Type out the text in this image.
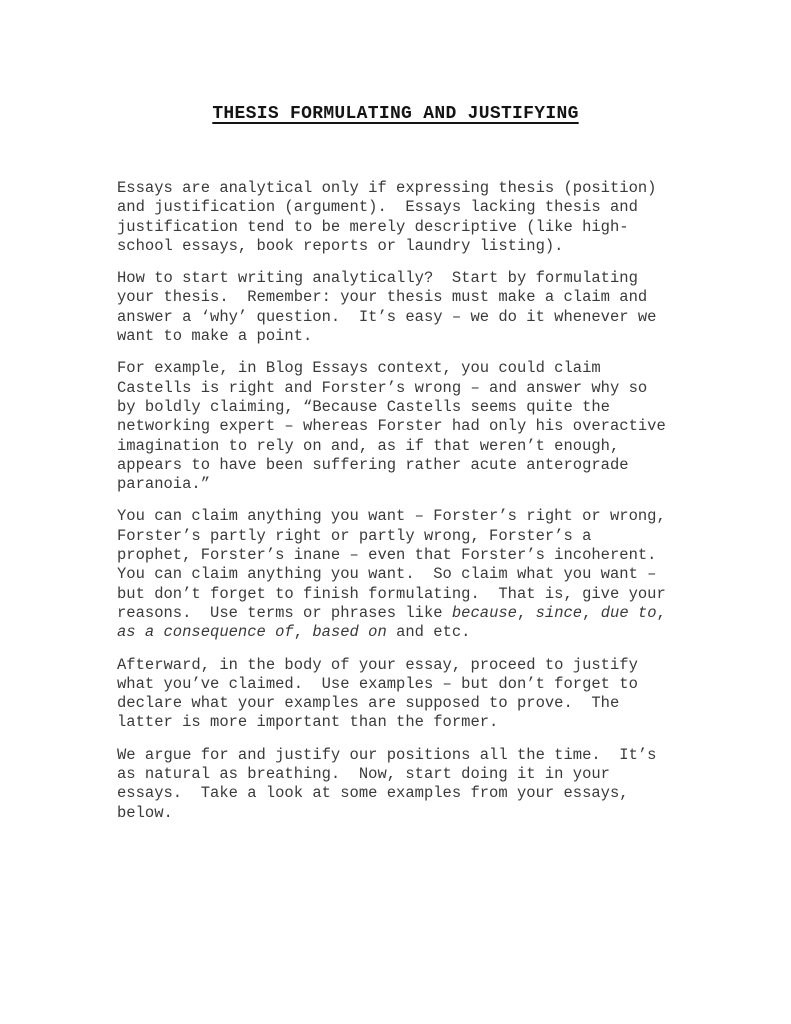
THESIS FORMULATING AND JUSTIFYING
Essays are analytical only if expressing thesis (position)
and justification (argument).  Essays lacking thesis and
justification tend to be merely descriptive (like high-
school essays, book reports or laundry listing).
How to start writing analytically?  Start by formulating
your thesis.  Remember: your thesis must make a claim and
answer a ‘why’ question.  It’s easy – we do it whenever we
want to make a point.
For example, in Blog Essays context, you could claim
Castells is right and Forster’s wrong – and answer why so
by boldly claiming, “Because Castells seems quite the
networking expert – whereas Forster had only his overactive
imagination to rely on and, as if that weren’t enough,
appears to have been suffering rather acute anterograde
paranoia.”
You can claim anything you want – Forster’s right or wrong,
Forster’s partly right or partly wrong, Forster’s a
prophet, Forster’s inane – even that Forster’s incoherent.
You can claim anything you want.  So claim what you want –
but don’t forget to finish formulating.  That is, give your
reasons.  Use terms or phrases like because, since, due to,
as a consequence of, based on and etc.
Afterward, in the body of your essay, proceed to justify
what you’ve claimed.  Use examples – but don’t forget to
declare what your examples are supposed to prove.  The
latter is more important than the former.
We argue for and justify our positions all the time.  It’s
as natural as breathing.  Now, start doing it in your
essays.  Take a look at some examples from your essays,
below.
